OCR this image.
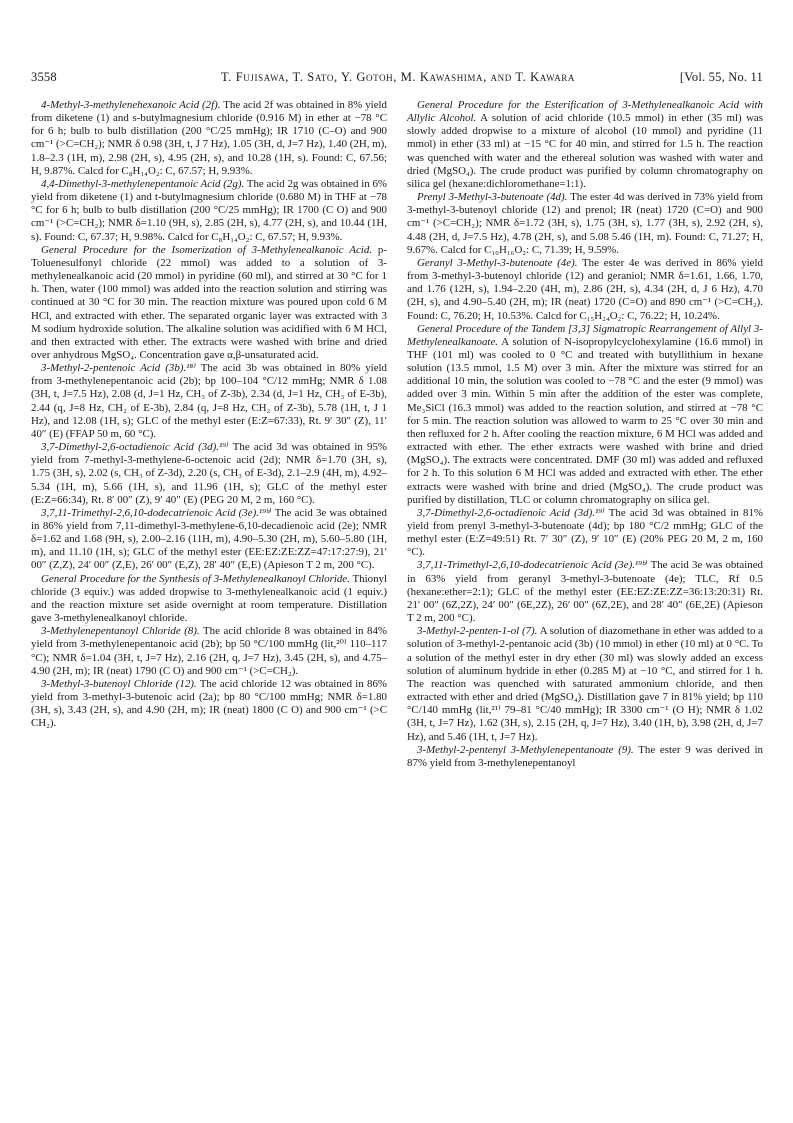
3558	T. Fujisawa, T. Sato, Y. Gotoh, M. Kawashima, and T. Kawara	[Vol. 55, No. 11

4-Methyl-3-methylenehexanoic Acid (2f). The acid 2f was obtained in 8% yield from diketene (1) and s-butylmagnesium chloride (0.916 M) in ether at −78 °C for 6 h; bulb to bulb distillation (200 °C/25 mmHg); IR 1710 (C–O) and 900 cm⁻¹ (>C=CH₂); NMR δ 0.98 (3H, t, J 7 Hz), 1.05 (3H, d, J=7 Hz), 1.40 (2H, m), 1.8–2.3 (1H, m), 2.98 (2H, s), 4.95 (2H, s), and 10.28 (1H, s). Found: C, 67.56; H, 9.87%. Calcd for C₈H₁₄O₂: C, 67.57; H, 9.93%.

4,4-Dimethyl-3-methylenepentanoic Acid (2g). The acid 2g was obtained in 6% yield from diketene (1) and t-butylmagnesium chloride (0.680 M) in THF at −78 °C for 6 h; bulb to bulb distillation (200 °C/25 mmHg); IR 1700 (C O) and 900 cm⁻¹ (>C=CH₂); NMR δ=1.10 (9H, s), 2.85 (2H, s), 4.77 (2H, s), and 10.44 (1H, s). Found: C, 67.37; H, 9.98%. Calcd for C₈H₁₄O₂: C, 67.57; H, 9.93%.

General Procedure for the Isomerization of 3-Methylenealkanoic Acid. p-Toluenesulfonyl chloride (22 mmol) was added to a solution of 3-methylenealkanoic acid (20 mmol) in pyridine (60 ml), and stirred at 30 °C for 1 h. Then, water (100 mmol) was added into the reaction solution and stirring was continued at 30 °C for 30 min. The reaction mixture was poured upon cold 6 M HCl, and extracted with ether. The separated organic layer was extracted with 3 M sodium hydroxide solution. The alkaline solution was acidified with 6 M HCl, and then extracted with ether. The extracts were washed with brine and dried over anhydrous MgSO₄. Concentration gave α,β-unsaturated acid.

3-Methyl-2-pentenoic Acid (3b).¹⁸⁾ The acid 3b was obtained in 80% yield from 3-methylenepentanoic acid (2b); bp 100–104 °C/12 mmHg; NMR δ 1.08 (3H, t, J=7.5 Hz), 2.08 (d, J=1 Hz, CH₃ of Z-3b), 2.34 (d, J=1 Hz, CH₃ of E-3b), 2.44 (q, J=8 Hz, CH₂ of E-3b), 2.84 (q, J=8 Hz, CH₂ of Z-3b), 5.78 (1H, t, J 1 Hz), and 12.08 (1H, s); GLC of the methyl ester (E:Z=67:33), Rt. 9′ 30″ (Z), 11′ 40″ (E) (FFAP 50 m, 60 °C).

3,7-Dimethyl-2,6-octadienoic Acid (3d).¹⁹⁾ The acid 3d was obtained in 95% yield from 7-methyl-3-methylene-6-octenoic acid (2d); NMR δ=1.70 (3H, s), 1.75 (3H, s), 2.02 (s, CH₃ of Z-3d), 2.20 (s, CH₃ of E-3d), 2.1–2.9 (4H, m), 4.92–5.34 (1H, m), 5.66 (1H, s), and 11.96 (1H, s); GLC of the methyl ester (E:Z=66:34), Rt. 8′ 00″ (Z), 9′ 40″ (E) (PEG 20 M, 2 m, 160 °C).

3,7,11-Trimethyl-2,6,10-dodecatrienoic Acid (3e).¹⁹ᵇ⁾ The acid 3e was obtained in 86% yield from 7,11-dimethyl-3-methylene-6,10-decadienoic acid (2e); NMR δ=1.62 and 1.68 (9H, s), 2.00–2.16 (11H, m), 4.90–5.30 (2H, m), 5.60–5.80 (1H, m), and 11.10 (1H, s); GLC of the methyl ester (EE:EZ:ZE:ZZ=47:17:27:9), 21′ 00″ (Z,Z), 24′ 00″ (Z,E), 26′ 00″ (E,Z), 28′ 40″ (E,E) (Apieson T 2 m, 200 °C).

General Procedure for the Synthesis of 3-Methylenealkanoyl Chloride. Thionyl chloride (3 equiv.) was added dropwise to 3-methylenealkanoic acid (1 equiv.) and the reaction mixture set aside overnight at room temperature. Distillation gave 3-methylenealkanoyl chloride.

3-Methylenepentanoyl Chloride (8). The acid chloride 8 was obtained in 84% yield from 3-methylenepentanoic acid (2b); bp 50 °C/100 mmHg (lit,²⁰⁾ 110–117 °C); NMR δ=1.04 (3H, t, J=7 Hz), 2.16 (2H, q, J=7 Hz), 3.45 (2H, s), and 4.75–4.90 (2H, m); IR (neat) 1790 (C O) and 900 cm⁻¹ (>C=CH₂).

3-Methyl-3-butenoyl Chloride (12). The acid chloride 12 was obtained in 86% yield from 3-methyl-3-butenoic acid (2a); bp 80 °C/100 mmHg; NMR δ=1.80 (3H, s), 3.43 (2H, s), and 4.90 (2H, m); IR (neat) 1800 (C O) and 900 cm⁻¹ (>C CH₂).

General Procedure for the Esterification of 3-Methylenealkanoic Acid with Allylic Alcohol. A solution of acid chloride (10.5 mmol) in ether (35 ml) was slowly added dropwise to a mixture of alcohol (10 mmol) and pyridine (11 mmol) in ether (33 ml) at −15 °C for 40 min, and stirred for 1.5 h. The reaction was quenched with water and the ethereal solution was washed with water and dried (MgSO₄). The crude product was purified by column chromatography on silica gel (hexane:dichloromethane=1:1).

Prenyl 3-Methyl-3-butenoate (4d). The ester 4d was derived in 73% yield from 3-methyl-3-butenoyl chloride (12) and prenol; IR (neat) 1720 (C=O) and 900 cm⁻¹ (>C=CH₂); NMR δ=1.72 (3H, s), 1.75 (3H, s), 1.77 (3H, s), 2.92 (2H, s), 4.48 (2H, d, J=7.5 Hz), 4.78 (2H, s), and 5.08 5.46 (1H, m). Found: C, 71.27; H, 9.67%. Calcd for C₁₀H₁₆O₂: C, 71.39; H, 9.59%.

Geranyl 3-Methyl-3-butenoate (4e). The ester 4e was derived in 86% yield from 3-methyl-3-butenoyl chloride (12) and geraniol; NMR δ=1.61, 1.66, 1.70, and 1.76 (12H, s), 1.94–2.20 (4H, m), 2.86 (2H, s), 4.34 (2H, d, J 6 Hz), 4.70 (2H, s), and 4.90–5.40 (2H, m); IR (neat) 1720 (C=O) and 890 cm⁻¹ (>C=CH₂). Found: C, 76.20; H, 10.53%. Calcd for C₁₅H₂₄O₂: C, 76.22; H, 10.24%.

General Procedure of the Tandem [3,3] Sigmatropic Rearrangement of Allyl 3-Methylenealkanoate. A solution of N-isopropylcyclohexylamine (16.6 mmol) in THF (101 ml) was cooled to 0 °C and treated with butyllithium in hexane solution (13.5 mmol, 1.5 M) over 3 min. After the mixture was stirred for an additional 10 min, the solution was cooled to −78 °C and the ester (9 mmol) was added over 3 min. Within 5 min after the addition of the ester was complete, Me₃SiCl (16.3 mmol) was added to the reaction solution, and stirred at −78 °C for 5 min. The reaction solution was allowed to warm to 25 °C over 30 min and then refluxed for 2 h. After cooling the reaction mixture, 6 M HCl was added and extracted with ether. The ether extracts were washed with brine and dried (MgSO₄). The extracts were concentrated. DMF (30 ml) was added and refluxed for 2 h. To this solution 6 M HCl was added and extracted with ether. The ether extracts were washed with brine and dried (MgSO₄). The crude product was purified by distillation, TLC or column chromatography on silica gel.

3,7-Dimethyl-2,6-octadienoic Acid (3d).¹⁹⁾ The acid 3d was obtained in 81% yield from prenyl 3-methyl-3-butenoate (4d); bp 180 °C/2 mmHg; GLC of the methyl ester (E:Z=49:51) Rt. 7′ 30″ (Z), 9′ 10″ (E) (20% PEG 20 M, 2 m, 160 °C).

3,7,11-Trimethyl-2,6,10-dodecatrienoic Acid (3e).¹⁹ᵇ⁾ The acid 3e was obtained in 63% yield from geranyl 3-methyl-3-butenoate (4e); TLC, Rf 0.5 (hexane:ether=2:1); GLC of the methyl ester (EE:EZ:ZE:ZZ=36:13:20:31) Rt. 21′ 00″ (6Z,2Z), 24′ 00″ (6E,2Z), 26′ 00″ (6Z,2E), and 28′ 40″ (6E,2E) (Apieson T 2 m, 200 °C).

3-Methyl-2-penten-1-ol (7). A solution of diazomethane in ether was added to a solution of 3-methyl-2-pentanoic acid (3b) (10 mmol) in ether (10 ml) at 0 °C. To a solution of the methyl ester in dry ether (30 ml) was slowly added an excess solution of aluminum hydride in ether (0.285 M) at −10 °C, and stirred for 1 h. The reaction was quenched with saturated ammonium chloride, and then extracted with ether and dried (MgSO₄). Distillation gave 7 in 81% yield; bp 110 °C/140 mmHg (lit,²¹⁾ 79–81 °C/40 mmHg); IR 3300 cm⁻¹ (O H); NMR δ 1.02 (3H, t, J=7 Hz), 1.62 (3H, s), 2.15 (2H, q, J=7 Hz), 3.40 (1H, b), 3.98 (2H, d, J=7 Hz), and 5.46 (1H, t, J=7 Hz).

3-Methyl-2-pentenyl 3-Methylenepentanoate (9). The ester 9 was derived in 87% yield from 3-methylenepentanoyl
